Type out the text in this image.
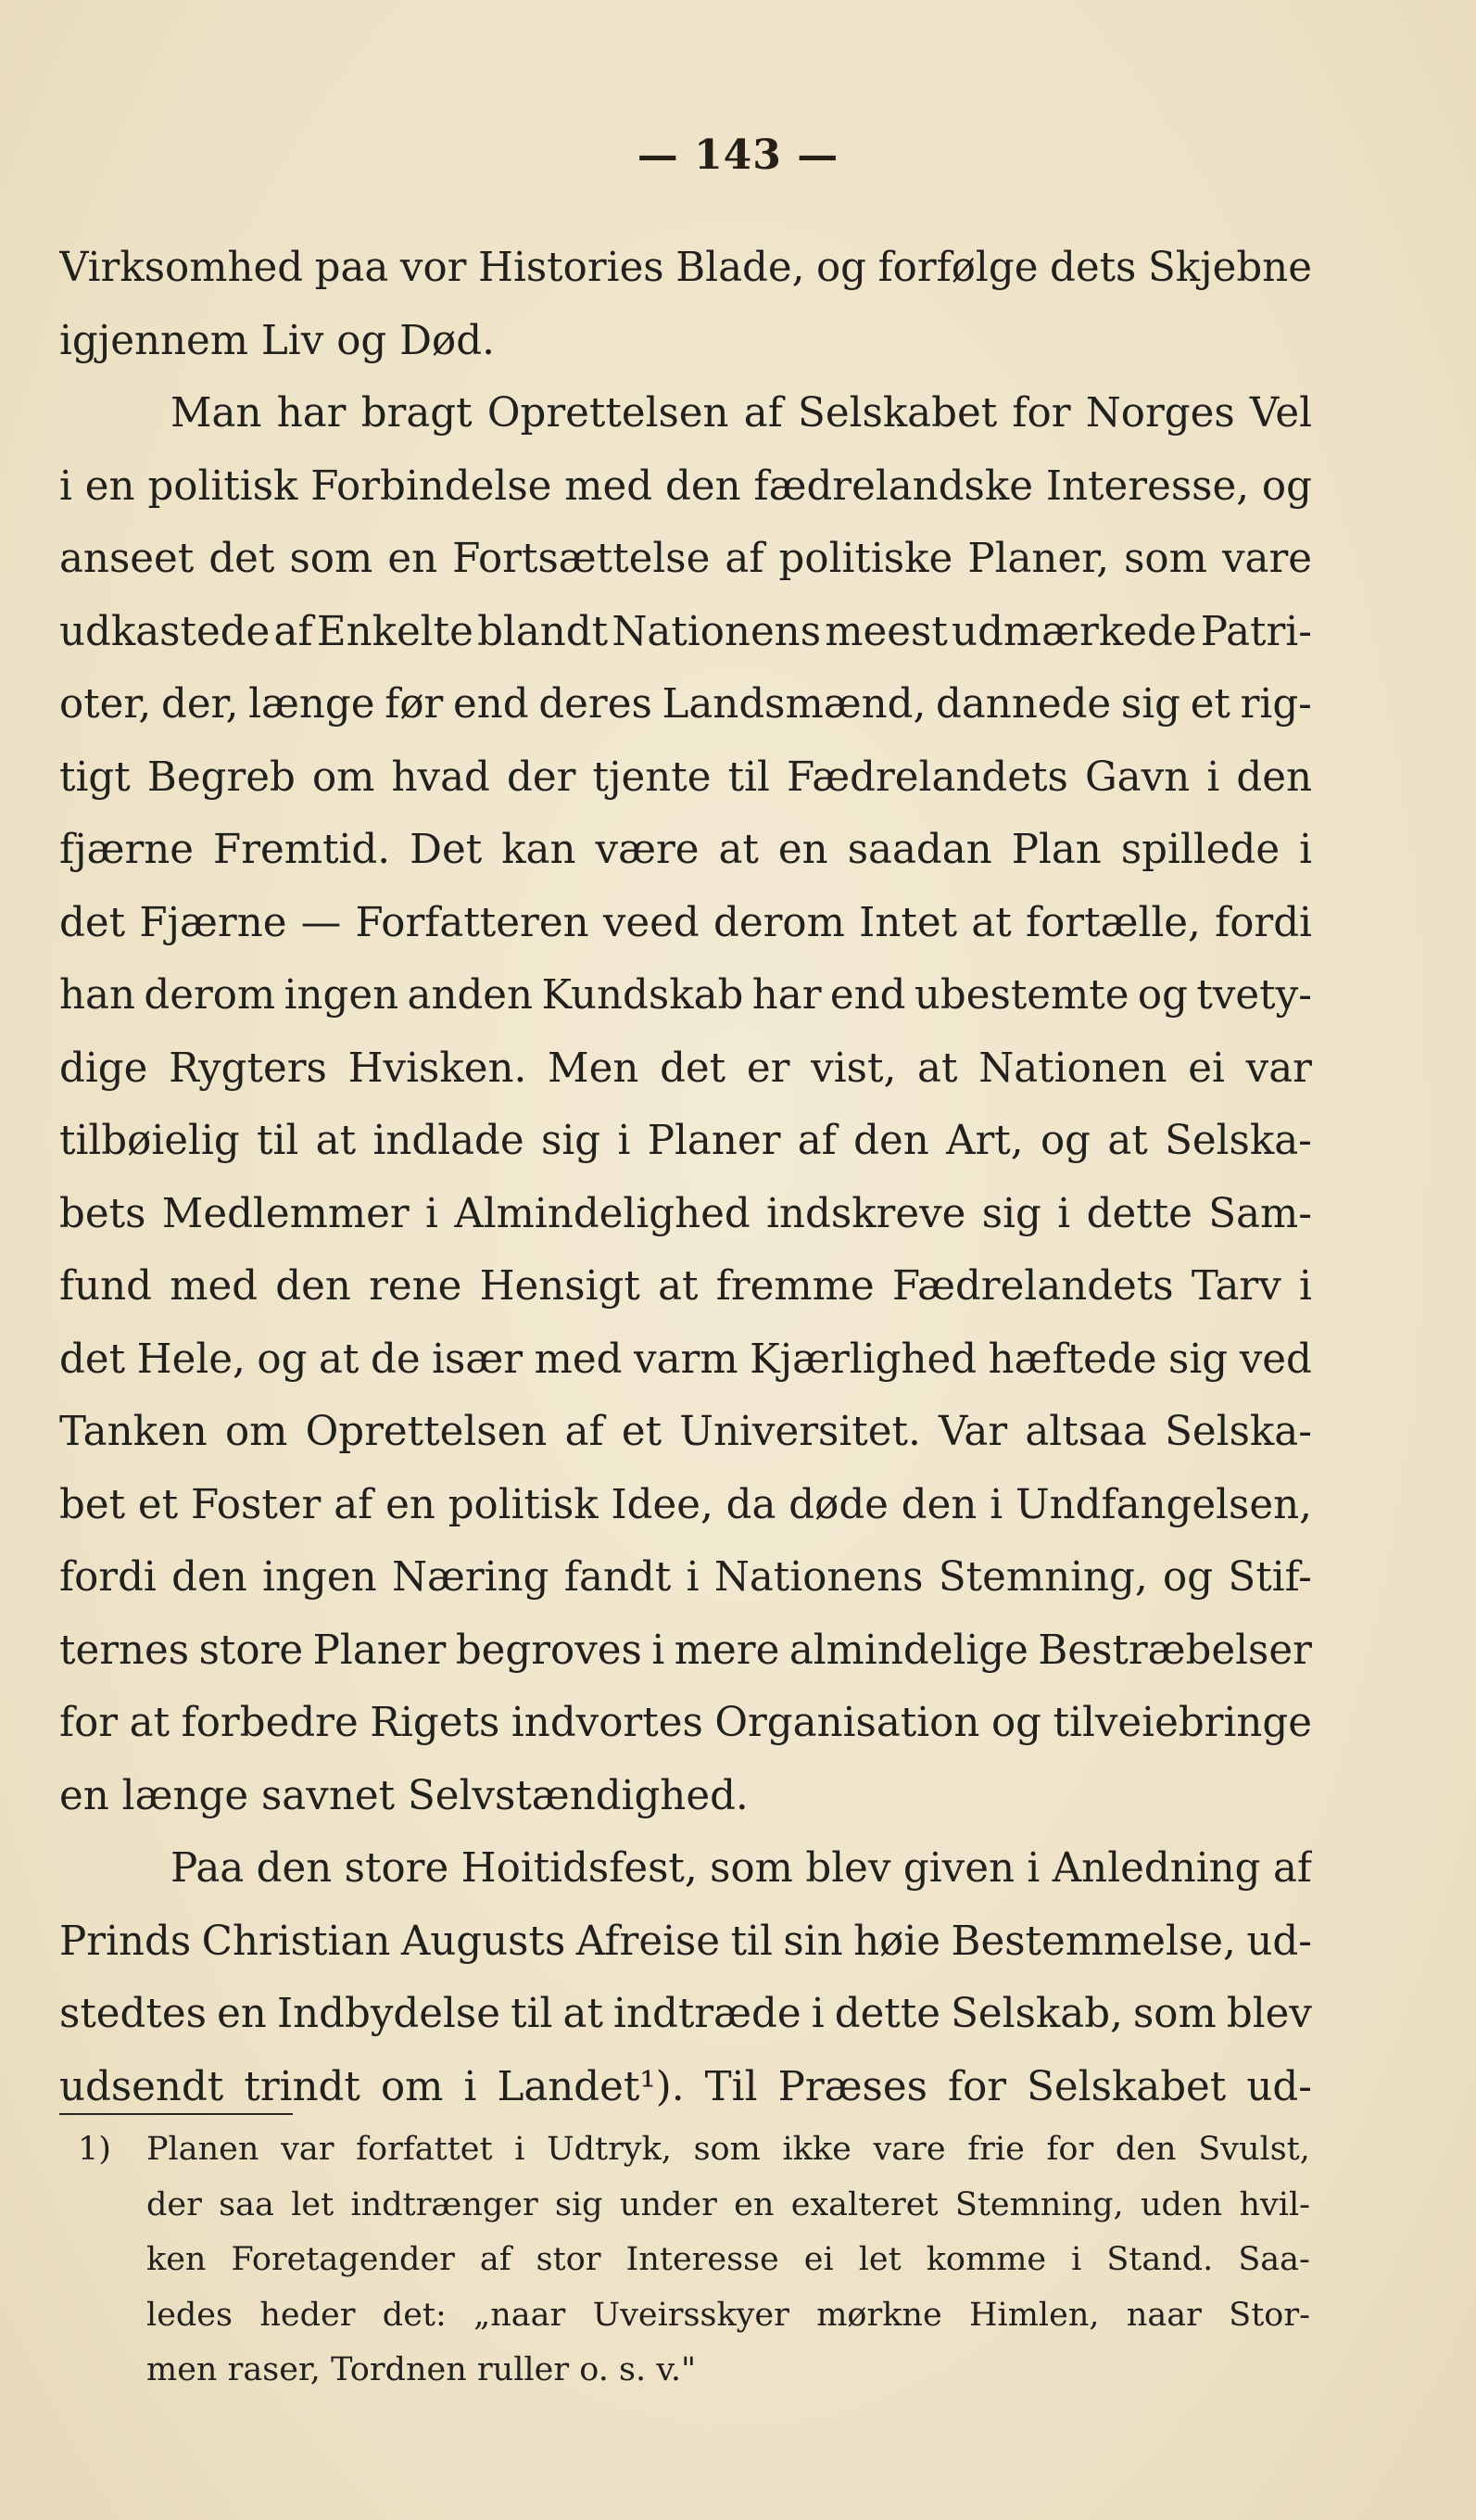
— 143 —
Virksomhed paa vor Histories Blade, og forfølge dets Skjebne
igjennem Liv og Død.
Man har bragt Oprettelsen af Selskabet for Norges Vel
i en politisk Forbindelse med den fædrelandske Interesse, og
anseet det som en Fortsættelse af politiske Planer, som vare
udkastede af Enkelte blandt Nationens meest udmærkede Patri-
oter, der, længe før end deres Landsmænd, dannede sig et rig-
tigt Begreb om hvad der tjente til Fædrelandets Gavn i den
fjærne Fremtid. Det kan være at en saadan Plan spillede i
det Fjærne — Forfatteren veed derom Intet at fortælle, fordi
han derom ingen anden Kundskab har end ubestemte og tvety-
dige Rygters Hvisken. Men det er vist, at Nationen ei var
tilbøielig til at indlade sig i Planer af den Art, og at Selska-
bets Medlemmer i Almindelighed indskreve sig i dette Sam-
fund med den rene Hensigt at fremme Fædrelandets Tarv i
det Hele, og at de især med varm Kjærlighed hæftede sig ved
Tanken om Oprettelsen af et Universitet. Var altsaa Selska-
bet et Foster af en politisk Idee, da døde den i Undfangelsen,
fordi den ingen Næring fandt i Nationens Stemning, og Stif-
ternes store Planer begroves i mere almindelige Bestræbelser
for at forbedre Rigets indvortes Organisation og tilveiebringe
en længe savnet Selvstændighed.
Paa den store Hoitidsfest, som blev given i Anledning af
Prinds Christian Augusts Afreise til sin høie Bestemmelse, ud-
stedtes en Indbydelse til at indtræde i dette Selskab, som blev
udsendt trindt om i Landet¹). Til Præses for Selskabet ud-
1)	Planen var forfattet i Udtryk, som ikke vare frie for den Svulst,
der saa let indtrænger sig under en exalteret Stemning, uden hvil-
ken Foretagender af stor Interesse ei let komme i Stand. Saa-
ledes heder det: „naar Uveirsskyer mørkne Himlen, naar Stor-
men raser, Tordnen ruller o. s. v."
